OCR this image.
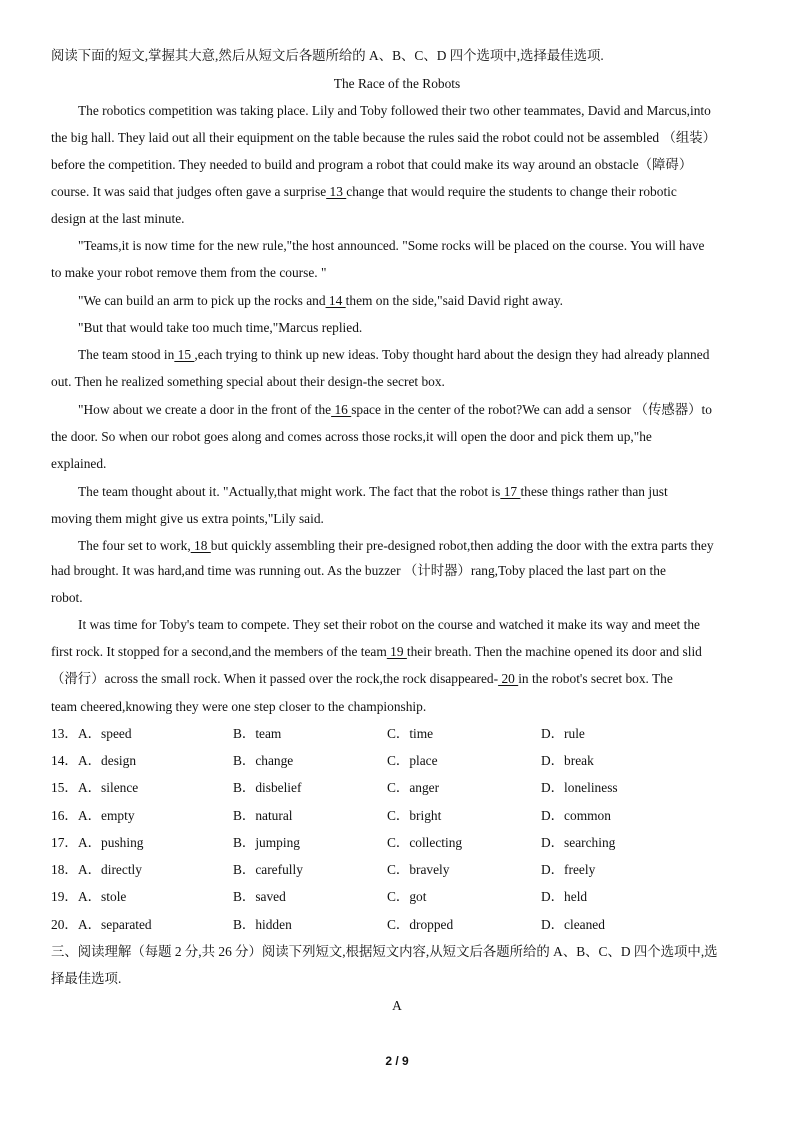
阅读下面的短文,掌握其大意,然后从短文后各题所给的 A、B、C、D 四个选项中,选择最佳选项.
The Race of the Robots
The robotics competition was taking place. Lily and Toby followed their two other teammates, David and Marcus,into
the big hall. They laid out all their equipment on the table because the rules said the robot could not be assembled （组装）
before the competition. They needed to build and program a robot that could make its way around an obstacle（障碍）
course. It was said that judges often gave a surprise 13 change that would require the students to change their robotic
design at the last minute.
"Teams,it is now time for the new rule,"the host announced. "Some rocks will be placed on the course. You will have
to make your robot remove them from the course. "
"We can build an arm to pick up the rocks and 14 them on the side,"said David right away.
"But that would take too much time,"Marcus replied.
The team stood in 15 ,each trying to think up new ideas. Toby thought hard about the design they had already planned
out. Then he realized something special about their design-the secret box.
"How about we create a door in the front of the 16 space in the center of the robot?We can add a sensor （传感器）to
the door. So when our robot goes along and comes across those rocks,it will open the door and pick them up,"he
explained.
The team thought about it. "Actually,that might work. The fact that the robot is 17 these things rather than just
moving them might give us extra points,"Lily said.
The four set to work, 18 but quickly assembling their pre-designed robot,then adding the door with the extra parts they
had brought. It was hard,and time was running out. As the buzzer （计时器）rang,Toby placed the last part on the
robot.
It was time for Toby's team to compete. They set their robot on the course and watched it make its way and meet the
first rock. It stopped for a second,and the members of the team 19 their breath. Then the machine opened its door and slid
（滑行）across the small rock. When it passed over the rock,the rock disappeared- 20 in the robot's secret box. The
team cheered,knowing they were one step closer to the championship.
13． A．speed	B．team	C．time	D．rule
14． A．design	B．change	C．place	D．break
15． A．silence	B．disbelief	C．anger	D．loneliness
16． A．empty	B．natural	C．bright	D．common
17． A．pushing	B．jumping	C．collecting	D．searching
18． A．directly	B．carefully	C．bravely	D．freely
19． A．stole	B．saved	C．got	D．held
20． A．separated	B．hidden	C．dropped	D．cleaned
三、阅读理解（每题 2 分,共 26 分）阅读下列短文,根据短文内容,从短文后各题所给的 A、B、C、D 四个选项中,选
择最佳选项.
A
2 / 9
